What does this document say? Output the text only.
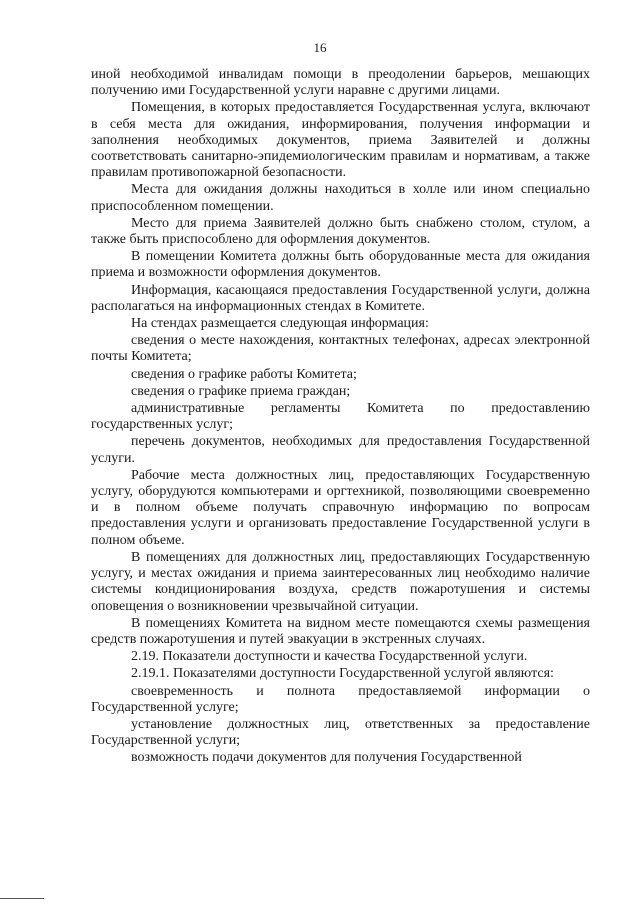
16

иной необходимой инвалидам помощи в преодолении барьеров, мешающих получению ими Государственной услуги наравне с другими лицами.

Помещения, в которых предоставляется Государственная услуга, включают в себя места для ожидания, информирования, получения информации и заполнения необходимых документов, приема Заявителей и должны соответствовать санитарно-эпидемиологическим правилам и нормативам, а также правилам противопожарной безопасности.

Места для ожидания должны находиться в холле или ином специально приспособленном помещении.

Место для приема Заявителей должно быть снабжено столом, стулом, а также быть приспособлено для оформления документов.

В помещении Комитета должны быть оборудованные места для ожидания приема и возможности оформления документов.

Информация, касающаяся предоставления Государственной услуги, должна располагаться на информационных стендах в Комитете.

На стендах размещается следующая информация:

сведения о месте нахождения, контактных телефонах, адресах электронной почты Комитета;

сведения о графике работы Комитета;

сведения о графике приема граждан;

административные регламенты Комитета по предоставлению государственных услуг;

перечень документов, необходимых для предоставления Государственной услуги.

Рабочие места должностных лиц, предоставляющих Государственную услугу, оборудуются компьютерами и оргтехникой, позволяющими своевременно и в полном объеме получать справочную информацию по вопросам предоставления услуги и организовать предоставление Государственной услуги в полном объеме.

В помещениях для должностных лиц, предоставляющих Государственную услугу, и местах ожидания и приема заинтересованных лиц необходимо наличие системы кондиционирования воздуха, средств пожаротушения и системы оповещения о возникновении чрезвычайной ситуации.

В помещениях Комитета на видном месте помещаются схемы размещения средств пожаротушения и путей эвакуации в экстренных случаях.

2.19. Показатели доступности и качества Государственной услуги.

2.19.1. Показателями доступности Государственной услугой являются:

своевременность и полнота предоставляемой информации о Государственной услуге;

установление должностных лиц, ответственных за предоставление Государственной услуги;

возможность подачи документов для получения Государственной
